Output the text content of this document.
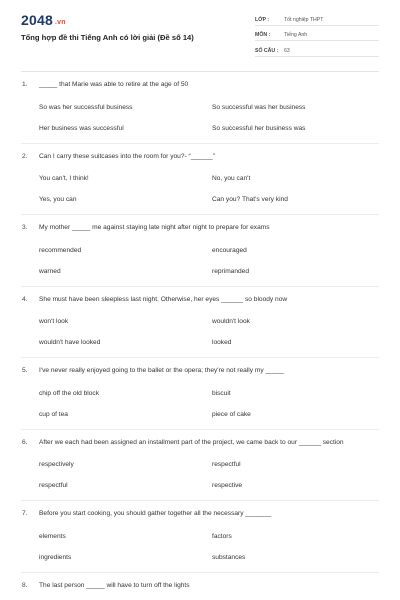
2048 .vn
Tổng hợp đề thi Tiếng Anh có lời giải (Đề số 14)
LỚP :	Tốt nghiệp THPT
MÔN :	Tiếng Anh
SỐ CÂU :	63
1.	_____ that Marie was able to retire at the age of 50
So was her successful business	So successful was her business
Her business was successful	So successful her business was
2.	Can I carry these suitcases into the room for you?- “______”
You can't, I think!	No, you can't
Yes, you can	Can you? That's very kind
3.	My mother _____ me against staying late night after night to prepare for exams
recommended	encouraged
warned	reprimanded
4.	She must have been sleepless last night. Otherwise, her eyes ______ so bloody now
won't look	wouldn't look
wouldn't have looked	looked
5.	I've never really enjoyed going to the ballet or the opera; they're not really my _____
chip off the old block	biscuit
cup of tea	piece of cake
6.	After we each had been assigned an installment part of the project, we came back to our ______ section
respectively	respectful
respectful	respective
7.	Before you start cooking, you should gather together all the necessary _______
elements	factors
ingredients	substances
8.	The last person _____ will have to turn off the lights
